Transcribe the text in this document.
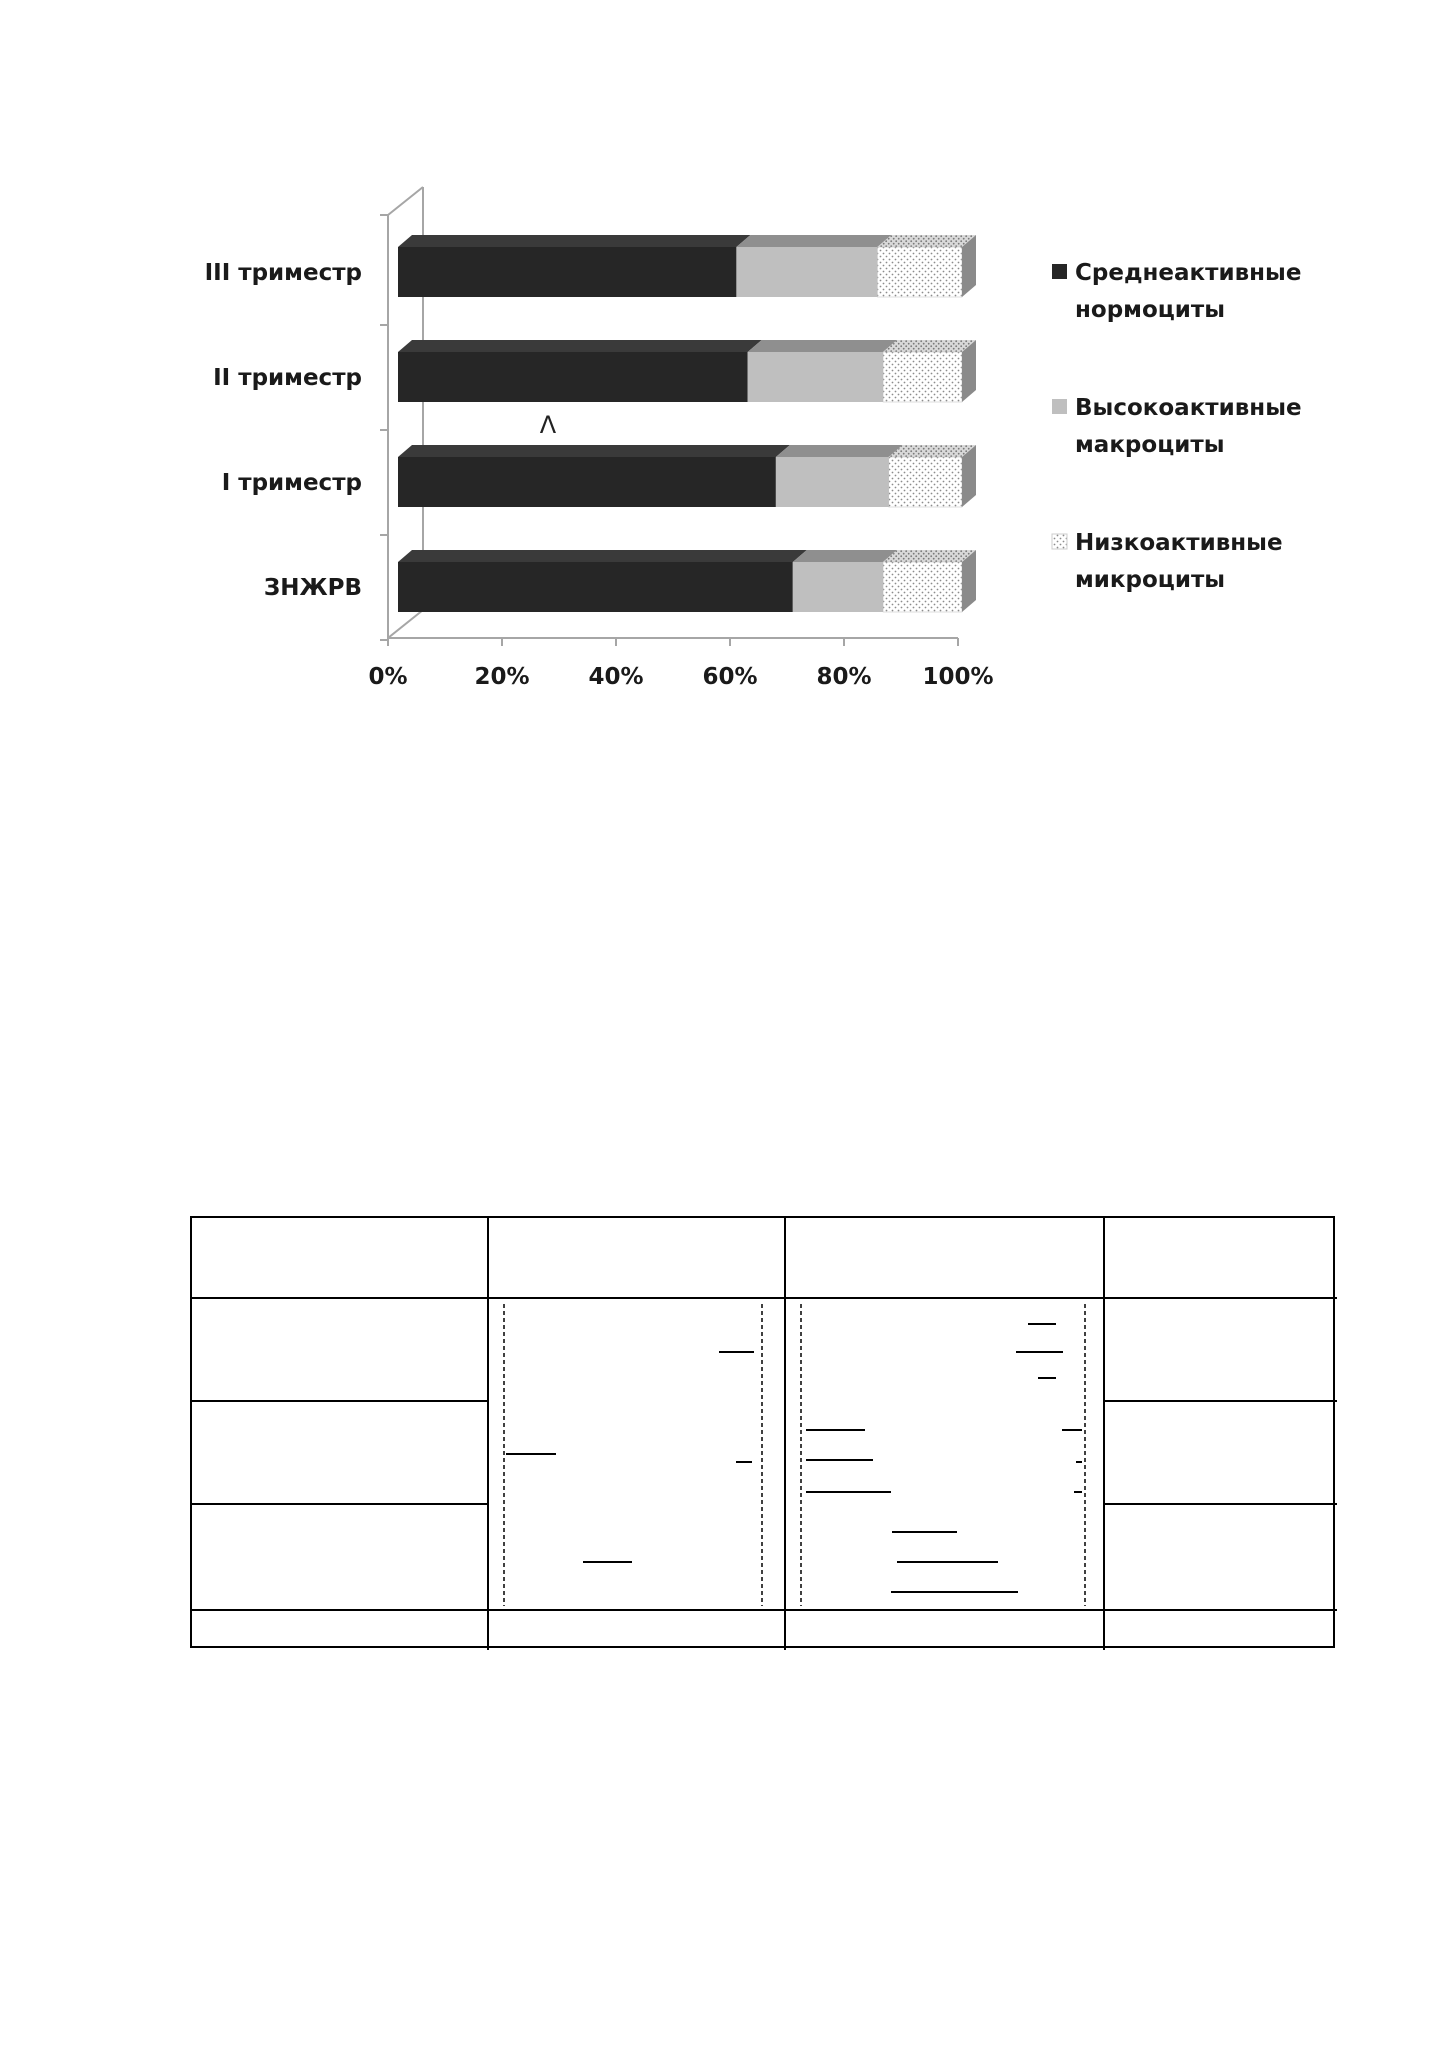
ЗНЖРВ
I триместр
II триместр
III триместр
0%	20%	40%	60%	80% 100%
Среднеактивные
нормоциты
Высокоактивные
макроциты
Низкоактивные
микроциты
Λ
